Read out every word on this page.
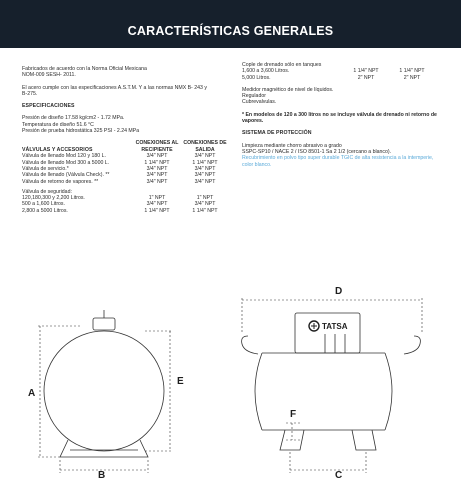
CARACTERÍSTICAS GENERALES
Fabricados de acuerdo con la Norma Oficial Mexicana
NOM-009 SESH- 2011.
El acero cumple con las especificaciones A.S.T.M. Y a las normas NMX B- 243 y
B-275.
ESPECIFICACIONES
Presión de diseño 17.58 kg/cm2 - 1.72 MPa.
Temperatura de diseño 51.6 °C
Presión de prueba hidrostática 325 PSI - 2.24 MPa
VÁLVULAS Y ACCESORIOS
CONEXIONES AL
RECIPIENTE
CONEXIONES DE
SALIDA
Válvula de llenado Mod 120 y 180 L.	3/4" NPT	3/4" NPT
Válvula de llenado Mod 300 a 5000 L.	1 1/4" NPT	1 1/4" NPT
Válvula de servicio.*	3/4" NPT	3/4" NPT
Válvula de llenado (Válvula Check). **	3/4" NPT	3/4" NPT
Válvula de retorno de vapores. **	3/4" NPT	3/4" NPT
Válvula de seguridad:
120,180,300 y 2,200 Litros.	1" NPT	1" NPT
500 a 1,600 Litros.	3/4" NPT	3/4" NPT
2,800 a 5000 Litros.	1 1/4" NPT	1 1/4" NPT
Cople de drenado sólo en tanques
1,600 a 3,600 Litros.	1 1/4" NPT	1 1/4" NPT
5,000 Litros.	2" NPT	2" NPT
Medidor magnético de nivel de líquidos.
Regulador
Cubrevalvulas.
* En modelos de 120 a 300 litros no se incluye válvula de drenado ni retorno de vapores.
SISTEMA DE PROTECCIÓN
Limpieza mediante chorro abrasivo a grado
SSPC-SP10 / NACE 2 / ISO 8501-1 Sa 2 1/2 (cercano a blanco).
Recubrimiento en polvo tipo super durable TGIC de alta resistencia a la intemperie,
color blanco.
TATSA
A
E
B
D
C
F
